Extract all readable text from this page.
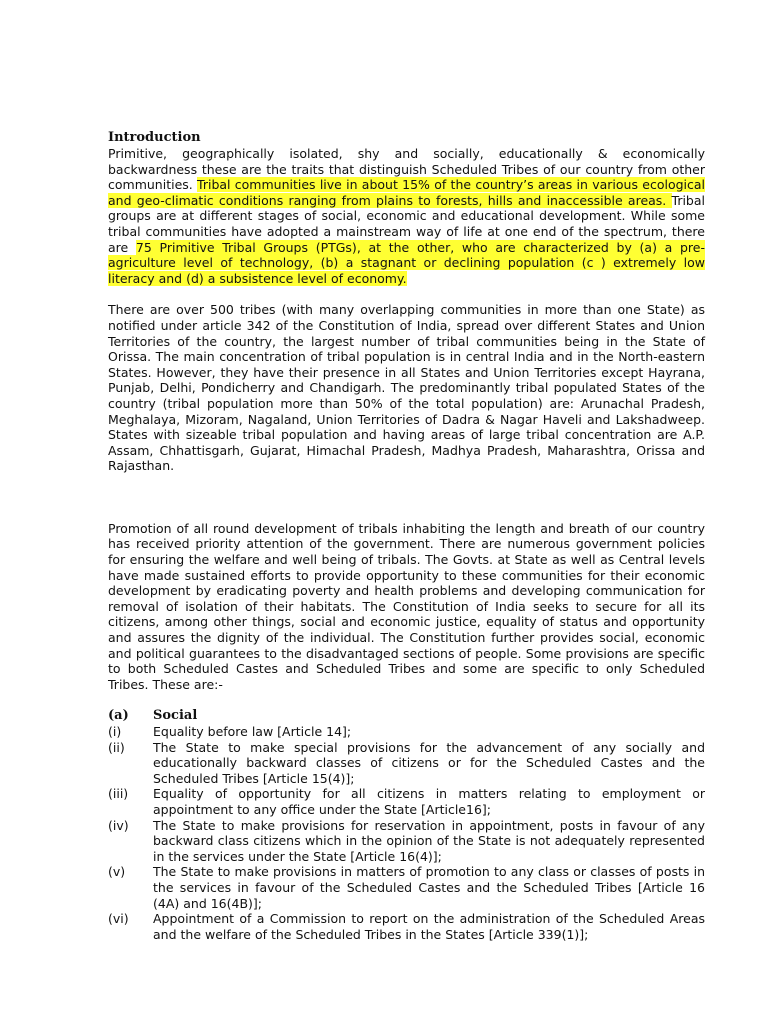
Introduction

Primitive, geographically isolated, shy and socially, educationally & economically backwardness these are the traits that distinguish Scheduled Tribes of our country from other communities. Tribal communities live in about 15% of the country’s areas in various ecological and geo-climatic conditions ranging from plains to forests, hills and inaccessible areas. Tribal groups are at different stages of social, economic and educational development. While some tribal communities have adopted a mainstream way of life at one end of the spectrum, there are 75 Primitive Tribal Groups (PTGs), at the other, who are characterized by (a) a pre-agriculture level of technology, (b) a stagnant or declining population (c ) extremely low literacy and (d) a subsistence level of economy.

There are over 500 tribes (with many overlapping communities in more than one State) as notified under article 342 of the Constitution of India, spread over different States and Union Territories of the country, the largest number of tribal communities being in the State of Orissa. The main concentration of tribal population is in central India and in the North-eastern States. However, they have their presence in all States and Union Territories except Hayrana, Punjab, Delhi, Pondicherry and Chandigarh. The predominantly tribal populated States of the country (tribal population more than 50% of the total population) are: Arunachal Pradesh, Meghalaya, Mizoram, Nagaland, Union Territories of Dadra & Nagar Haveli and Lakshadweep. States with sizeable tribal population and having areas of large tribal concentration are A.P. Assam, Chhattisgarh, Gujarat, Himachal Pradesh, Madhya Pradesh, Maharashtra, Orissa and Rajasthan.

Promotion of all round development of tribals inhabiting the length and breath of our country has received priority attention of the government. There are numerous government policies for ensuring the welfare and well being of tribals. The Govts. at State as well as Central levels have made sustained efforts to provide opportunity to these communities for their economic development by eradicating poverty and health problems and developing communication for removal of isolation of their habitats. The Constitution of India seeks to secure for all its citizens, among other things, social and economic justice, equality of status and opportunity and assures the dignity of the individual. The Constitution further provides social, economic and political guarantees to the disadvantaged sections of people. Some provisions are specific to both Scheduled Castes and Scheduled Tribes and some are specific to only Scheduled Tribes. These are:-

(a)	Social
(i)	Equality before law [Article 14];
(ii)	The State to make special provisions for the advancement of any socially and educationally backward classes of citizens or for the Scheduled Castes and the Scheduled Tribes [Article 15(4)];
(iii)	Equality of opportunity for all citizens in matters relating to employment or appointment to any office under the State [Article16];
(iv)	The State to make provisions for reservation in appointment, posts in favour of any backward class citizens which in the opinion of the State is not adequately represented in the services under the State [Article 16(4)];
(v)	The State to make provisions in matters of promotion to any class or classes of posts in the services in favour of the Scheduled Castes and the Scheduled Tribes [Article 16 (4A) and 16(4B)];
(vi)	Appointment of a Commission to report on the administration of the Scheduled Areas and the welfare of the Scheduled Tribes in the States [Article 339(1)];
